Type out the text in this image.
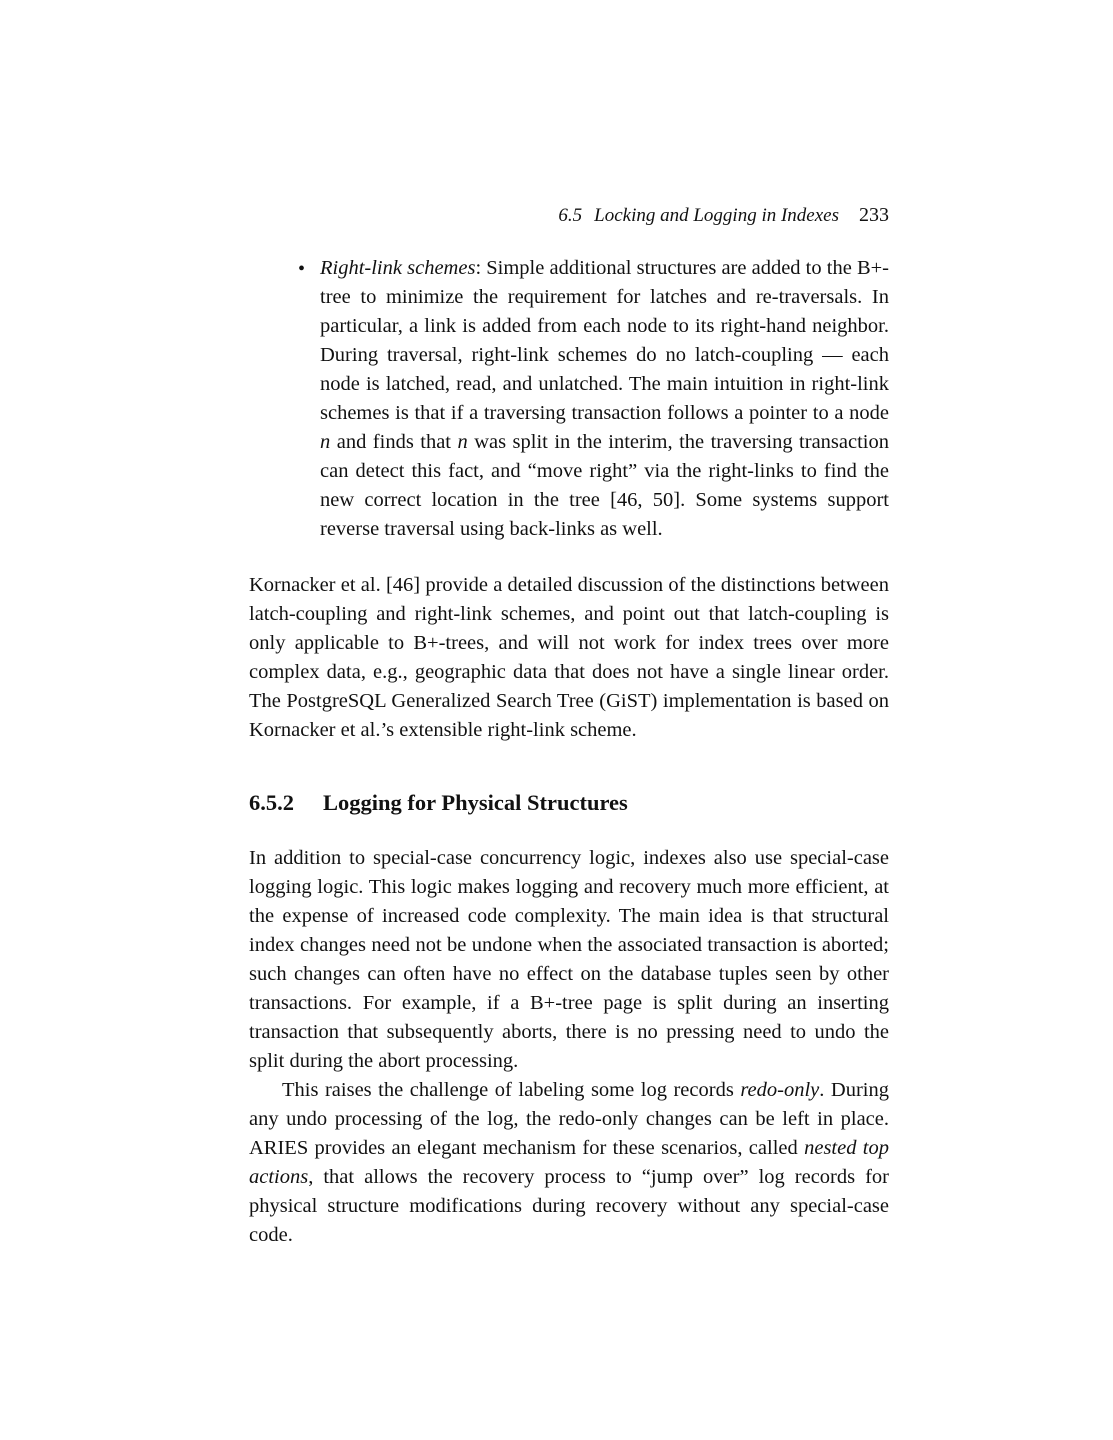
6.5 Locking and Logging in Indexes 233
• Right-link schemes: Simple additional structures are added to the B+-tree to minimize the requirement for latches and re-traversals. In particular, a link is added from each node to its right-hand neighbor. During traversal, right-link schemes do no latch-coupling — each node is latched, read, and unlatched. The main intuition in right-link schemes is that if a traversing transaction follows a pointer to a node n and finds that n was split in the interim, the traversing transaction can detect this fact, and “move right” via the right-links to find the new correct location in the tree [46, 50]. Some systems support reverse traversal using back-links as well.

Kornacker et al. [46] provide a detailed discussion of the distinctions between latch-coupling and right-link schemes, and point out that latch-coupling is only applicable to B+-trees, and will not work for index trees over more complex data, e.g., geographic data that does not have a single linear order. The PostgreSQL Generalized Search Tree (GiST) implementation is based on Kornacker et al.’s extensible right-link scheme.

6.5.2 Logging for Physical Structures

In addition to special-case concurrency logic, indexes also use special-case logging logic. This logic makes logging and recovery much more efficient, at the expense of increased code complexity. The main idea is that structural index changes need not be undone when the associated transaction is aborted; such changes can often have no effect on the database tuples seen by other transactions. For example, if a B+-tree page is split during an inserting transaction that subsequently aborts, there is no pressing need to undo the split during the abort processing.

This raises the challenge of labeling some log records redo-only. During any undo processing of the log, the redo-only changes can be left in place. ARIES provides an elegant mechanism for these scenarios, called nested top actions, that allows the recovery process to “jump over” log records for physical structure modifications during recovery without any special-case code.
